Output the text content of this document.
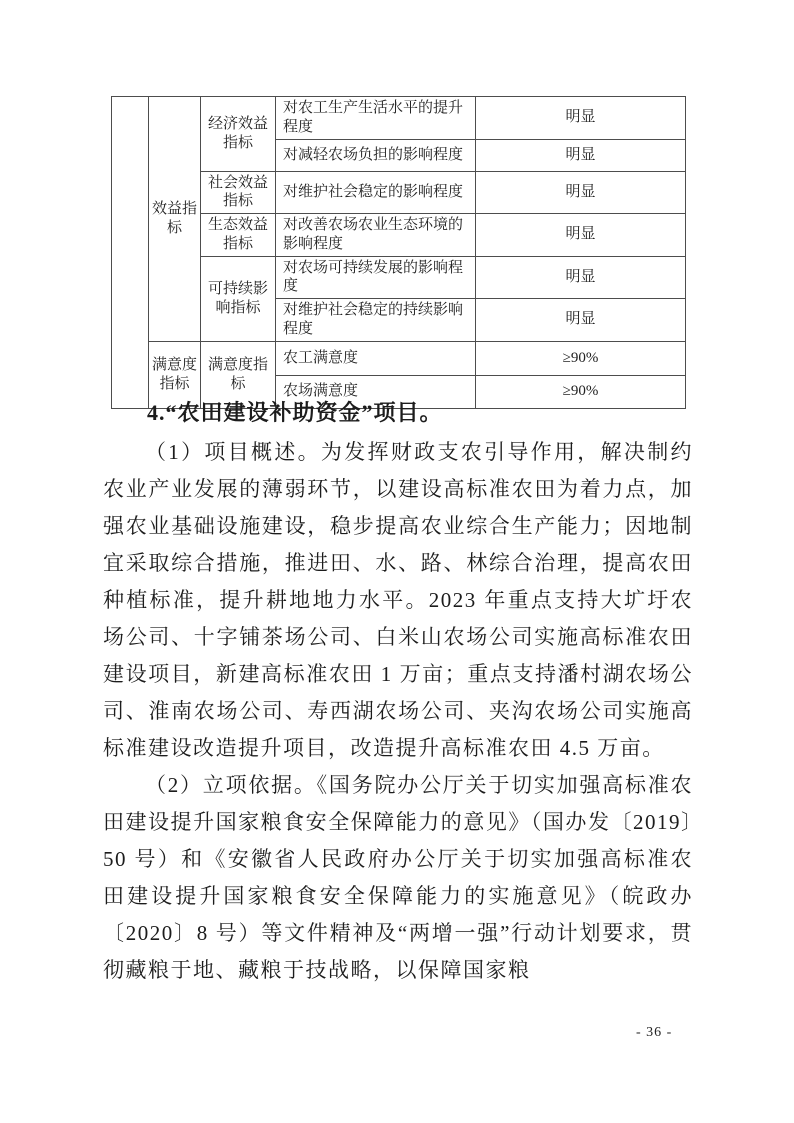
	效益指标	经济效益指标	对农工生产生活水平的提升程度	明显
			对减轻农场负担的影响程度	明显
		社会效益指标	对维护社会稳定的影响程度	明显
		生态效益指标	对改善农场农业生态环境的影响程度	明显
		可持续影响指标	对农场可持续发展的影响程度	明显
			对维护社会稳定的持续影响程度	明显
	满意度指标	满意度指标	农工满意度	≥90%
			农场满意度	≥90%
4.“农田建设补助资金”项目。

（1）项目概述。为发挥财政支农引导作用，解决制约农业产业发展的薄弱环节，以建设高标准农田为着力点，加强农业基础设施建设，稳步提高农业综合生产能力；因地制宜采取综合措施，推进田、水、路、林综合治理，提高农田种植标准，提升耕地地力水平。2023 年重点支持大圹圩农场公司、十字铺茶场公司、白米山农场公司实施高标准农田建设项目，新建高标准农田 1 万亩；重点支持潘村湖农场公司、淮南农场公司、寿西湖农场公司、夹沟农场公司实施高标准建设改造提升项目，改造提升高标准农田 4.5 万亩。

（2）立项依据。《国务院办公厅关于切实加强高标准农田建设提升国家粮食安全保障能力的意见》（国办发〔2019〕50 号）和《安徽省人民政府办公厅关于切实加强高标准农田建设提升国家粮食安全保障能力的实施意见》（皖政办〔2020〕8 号）等文件精神及“两增一强”行动计划要求，贯彻藏粮于地、藏粮于技战略，以保障国家粮

- 36 -
